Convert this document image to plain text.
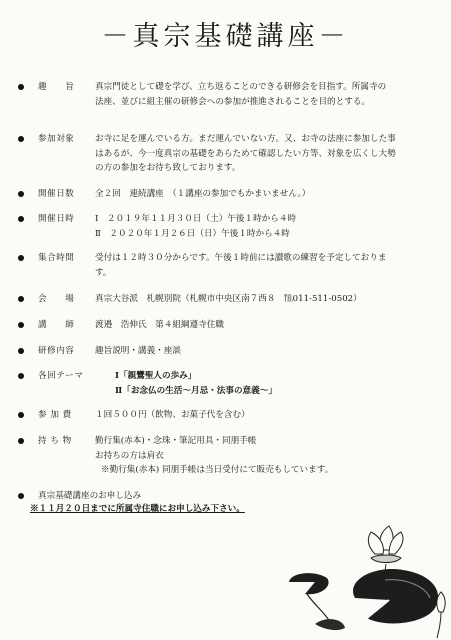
－真宗基礎講座－
趣　　旨 真宗門徒として礎を学び、立ち返ることのできる研修会を目指す。所属寺の
法座、並びに組主催の研修会への参加が推進されることを目的とする。
参加対象 お寺に足を運んでいる方。まだ運んでいない方。又、お寺の法座に参加した事
はあるが、今一度真宗の基礎をあらためて確認したい方等、対象を広くし大勢
の方の参加をお待ち致しております。
開催日数 全２回　連続講座　（１講座の参加でもかまいません。）
開催日時 Ⅰ　２０１９年１１月３０日（土）午後１時から４時
Ⅱ　２０２０年１月２６日（日）午後１時から４時
集合時間 受付は１２時３０分からです。午後１時前には讃歌の練習を予定しておりま
す。
会　　場 真宗大谷派　札幌別院（札幌市中央区南７西８　℡011-511-0502）
講　　師 渡邉　浩伸氏　第４組綱遵寺住職
研修内容 趣旨説明・講義・座談
各回テーマ	Ⅰ「親鸞聖人の歩み」
Ⅱ「お念仏の生活～月忌・法事の意義～」
参 加 費	１回５００円（飲物、お菓子代を含む）
持 ち 物	勤行集(赤本)・念珠・筆記用具・同朋手帳
お持ちの方は肩衣
※勤行集(赤本) 同朋手帳は当日受付にて販売もしています。
真宗基礎講座のお申し込み
※１１月２０日までに所属寺住職にお申し込み下さい。
